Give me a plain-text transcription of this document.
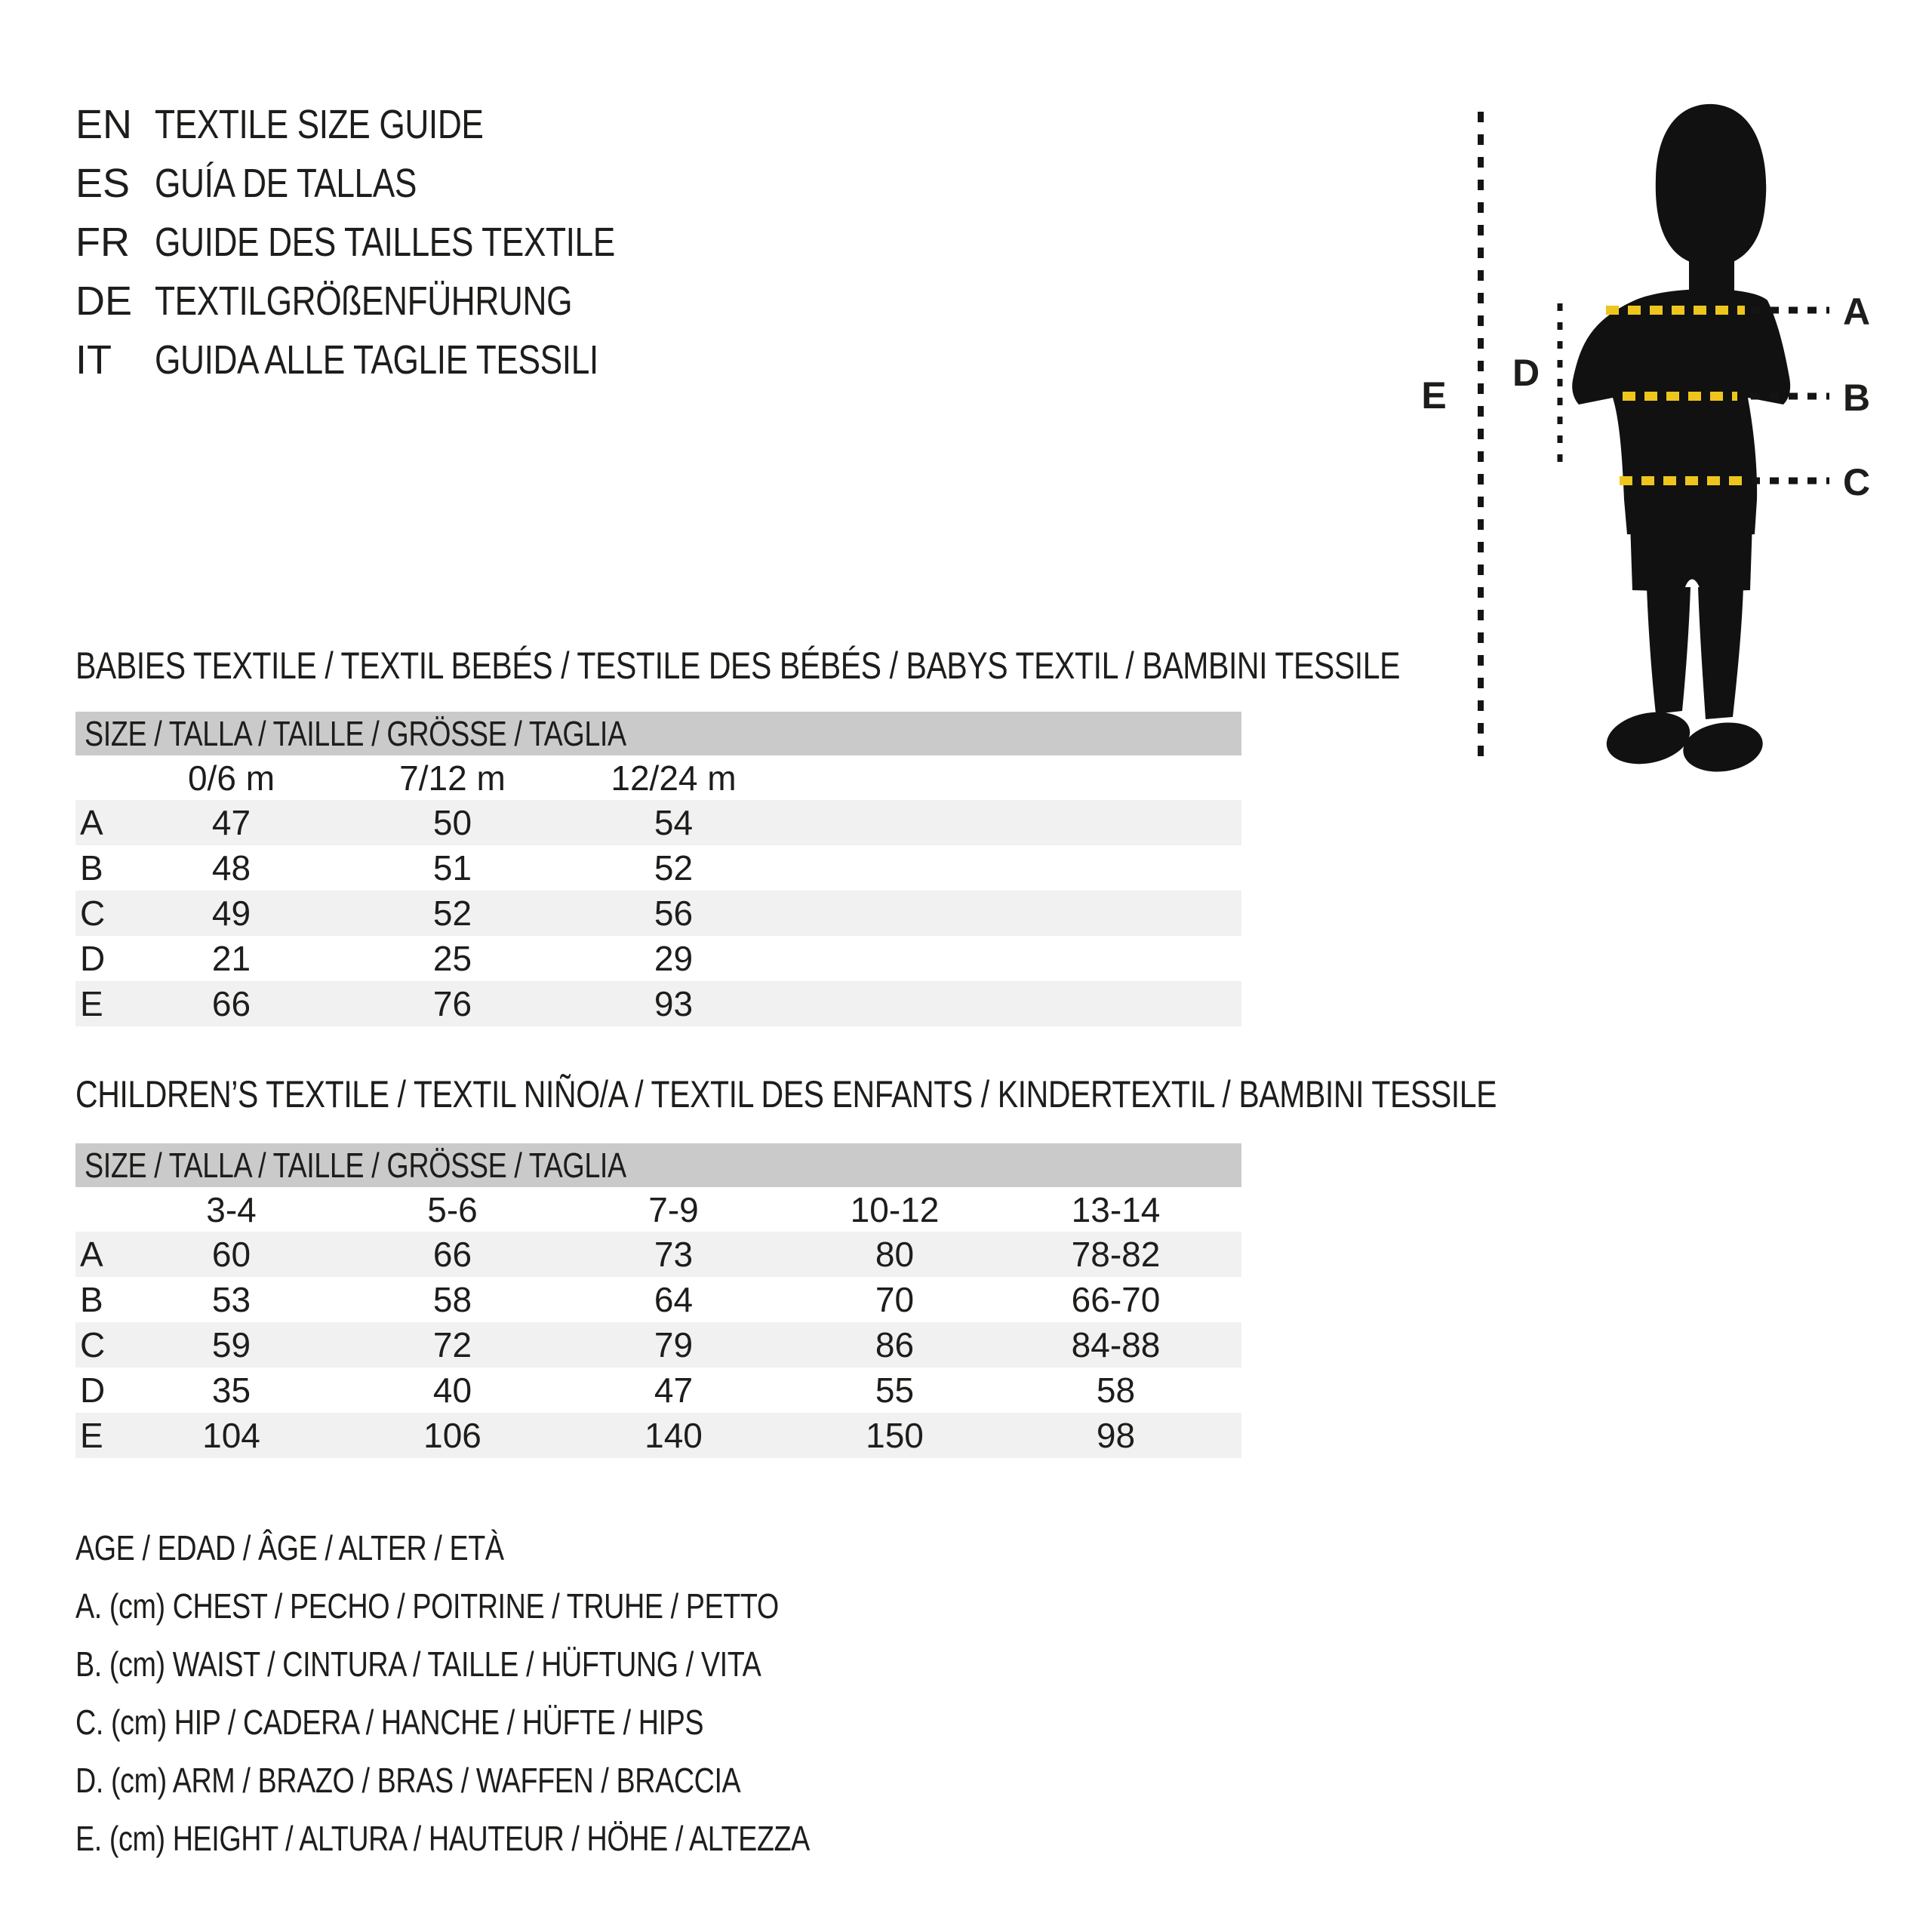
EN TEXTILE SIZE GUIDE
ES GUÍA DE TALLAS
FR GUIDE DES TAILLES TEXTILE
DE TEXTILGRÖßENFÜHRUNG
IT	GUIDA ALLE TAGLIE TESSILI
A
B
C
D
E
BABIES TEXTILE / TEXTIL BEBÉS / TESTILE DES BÉBÉS / BABYS TEXTIL / BAMBINI TESSILE
SIZE / TALLA / TAILLE / GRÖSSE / TAGLIA
0/6 m	7/12 m	12/24 m
A	47	50	54
B	48	51	52
C	49	52	56
D	21	25	29
E	66	76	93
CHILDREN’S TEXTILE / TEXTIL NIÑO/A / TEXTIL DES ENFANTS / KINDERTEXTIL / BAMBINI TESSILE
SIZE / TALLA / TAILLE / GRÖSSE / TAGLIA
3-4	5-6	7-9	10-12	13-14
A	60	66	73	80	78-82
B	53	58	64	70	66-70
C	59	72	79	86	84-88
D	35	40	47	55	58
E	104	106	140	150	98
AGE / EDAD / ÂGE / ALTER / ETÀ
A. (cm) CHEST / PECHO / POITRINE / TRUHE / PETTO
B. (cm) WAIST / CINTURA / TAILLE / HÜFTUNG / VITA
C. (cm) HIP / CADERA / HANCHE / HÜFTE / HIPS
D. (cm) ARM / BRAZO / BRAS / WAFFEN / BRACCIA
E. (cm) HEIGHT / ALTURA / HAUTEUR / HÖHE / ALTEZZA
